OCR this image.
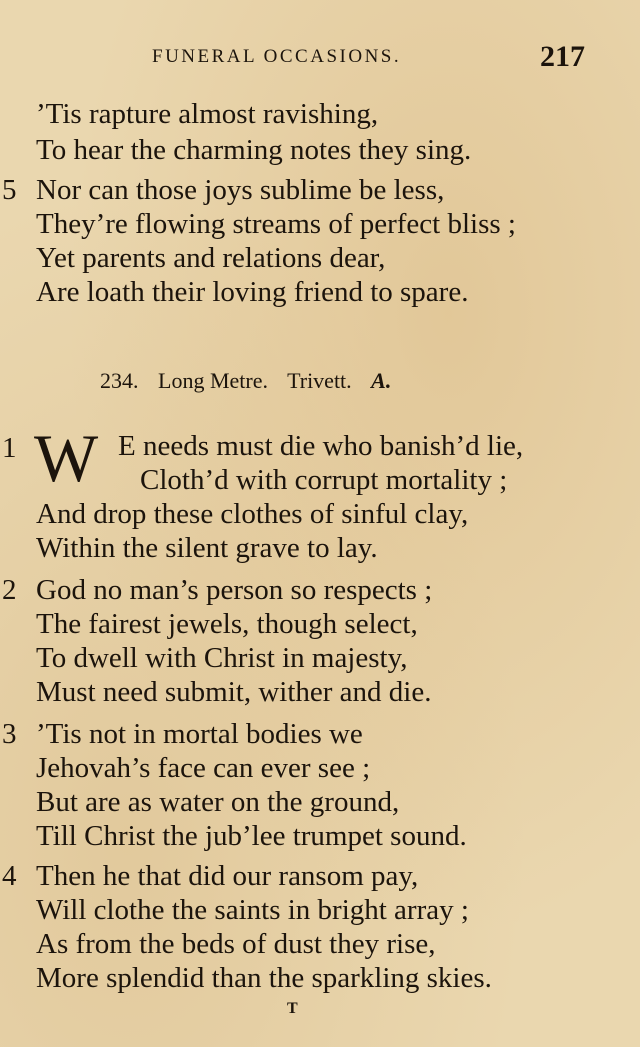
FUNERAL OCCASIONS.	217
’Tis rapture almost ravishing,
To hear the charming notes they sing.
5 Nor can those joys sublime be less,
They’re flowing streams of perfect bliss ;
Yet parents and relations dear,
Are loath their loving friend to spare.
234. Long Metre. Trivett. A.
1 W E needs must die who banish’d lie,
Cloth’d with corrupt mortality ;
And drop these clothes of sinful clay,
Within the silent grave to lay.
2 God no man’s person so respects ;
The fairest jewels, though select,
To dwell with Christ in majesty,
Must need submit, wither and die.
3 ’Tis not in mortal bodies we
Jehovah’s face can ever see ;
But are as water on the ground,
Till Christ the jub’lee trumpet sound.
4 Then he that did our ransom pay,
Will clothe the saints in bright array ;
As from the beds of dust they rise,
More splendid than the sparkling skies.
T
